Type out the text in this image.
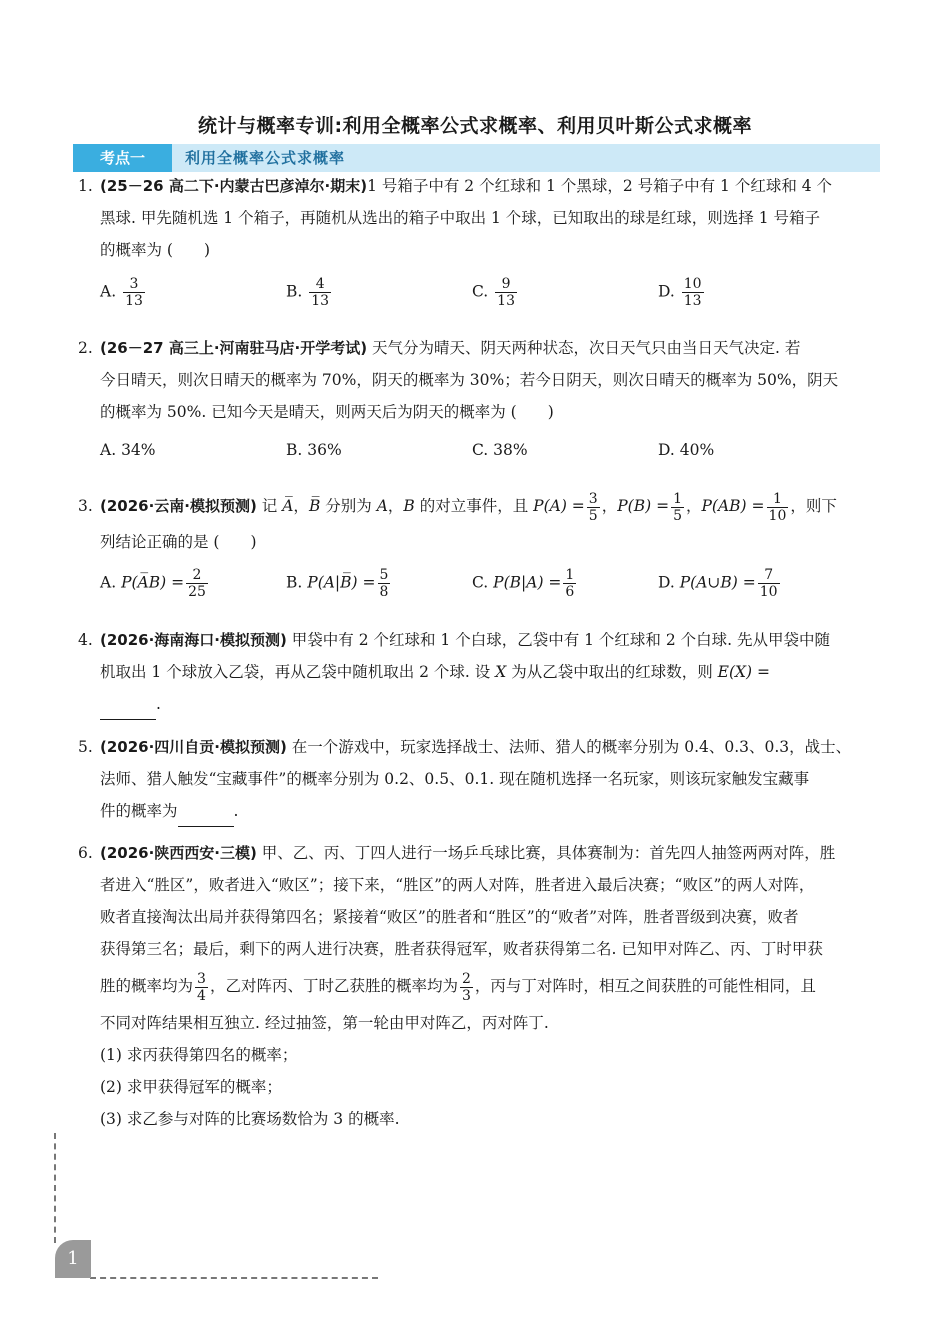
统计与概率专训:利用全概率公式求概率、利用贝叶斯公式求概率
考点一	利用全概率公式求概率
1. (25－26 高二下·内蒙古巴彦淖尔·期末)1 号箱子中有 2 个红球和 1 个黑球，2 号箱子中有 1 个红球和 4 个
黑球. 甲先随机选 1 个箱子，再随机从选出的箱子中取出 1 个球，已知取出的球是红球，则选择 1 号箱子
的概率为 (　　)
A. $\frac{3}{13}$	B. $\frac{4}{13}$	C. $\frac{9}{13}$	D. $\frac{10}{13}$
2. (26－27 高三上·河南驻马店·开学考试) 天气分为晴天、阴天两种状态，次日天气只由当日天气决定. 若
今日晴天，则次日晴天的概率为 70%，阴天的概率为 30%；若今日阴天，则次日晴天的概率为 50%，阴天
的概率为 50%. 已知今天是晴天，则两天后为阴天的概率为 (　　)
A. 34%	B. 36%	C. 38%	D. 40%
3. (2026·云南·模拟预测) 记 A̅，B̅ 分别为 A，B 的对立事件，且 $P(A) = \frac{3}{5}$ ，$P(B) = \frac{1}{5}$ ，$P(AB) = \frac{1}{10}$ ，则下
列结论正确的是 (　　)
A. P(A̅B) = $\frac{2}{25}$	B. P(A|B̅) = $\frac{5}{8}$	C. $P(B|A) = \frac{1}{6}$	D. P(A∪B) = $\frac{7}{10}$
4. (2026·海南海口·模拟预测) 甲袋中有 2 个红球和 1 个白球，乙袋中有 1 个红球和 2 个白球. 先从甲袋中随
机取出 1 个球放入乙袋，再从乙袋中随机取出 2 个球. 设 X 为从乙袋中取出的红球数，则 E(X) =
.
5. (2026·四川自贡·模拟预测) 在一个游戏中，玩家选择战士、法师、猎人的概率分别为 0.4、0.3、0.3，战士、
法师、猎人触发“宝藏事件”的概率分别为 0.2、0.5、0.1. 现在随机选择一名玩家，则该玩家触发宝藏事
件的概率为	.
6. (2026·陕西西安·三模) 甲、乙、丙、丁四人进行一场乒乓球比赛，具体赛制为：首先四人抽签两两对阵，胜
者进入“胜区”，败者进入“败区”；接下来，“胜区”的两人对阵，胜者进入最后决赛；“败区”的两人对阵，
败者直接淘汰出局并获得第四名；紧接着“败区”的胜者和“胜区”的“败者”对阵，胜者晋级到决赛，败者
获得第三名；最后，剩下的两人进行决赛，胜者获得冠军，败者获得第二名. 已知甲对阵乙、丙、丁时甲获
胜的概率均为 $\frac{3}{4}$ ，乙对阵丙、丁时乙获胜的概率均为 $\frac{2}{3}$ ，丙与丁对阵时，相互之间获胜的可能性相同，且
不同对阵结果相互独立. 经过抽签，第一轮由甲对阵乙，丙对阵丁.
(1) 求丙获得第四名的概率；
(2) 求甲获得冠军的概率；
(3) 求乙参与对阵的比赛场数恰为 3 的概率.
1
